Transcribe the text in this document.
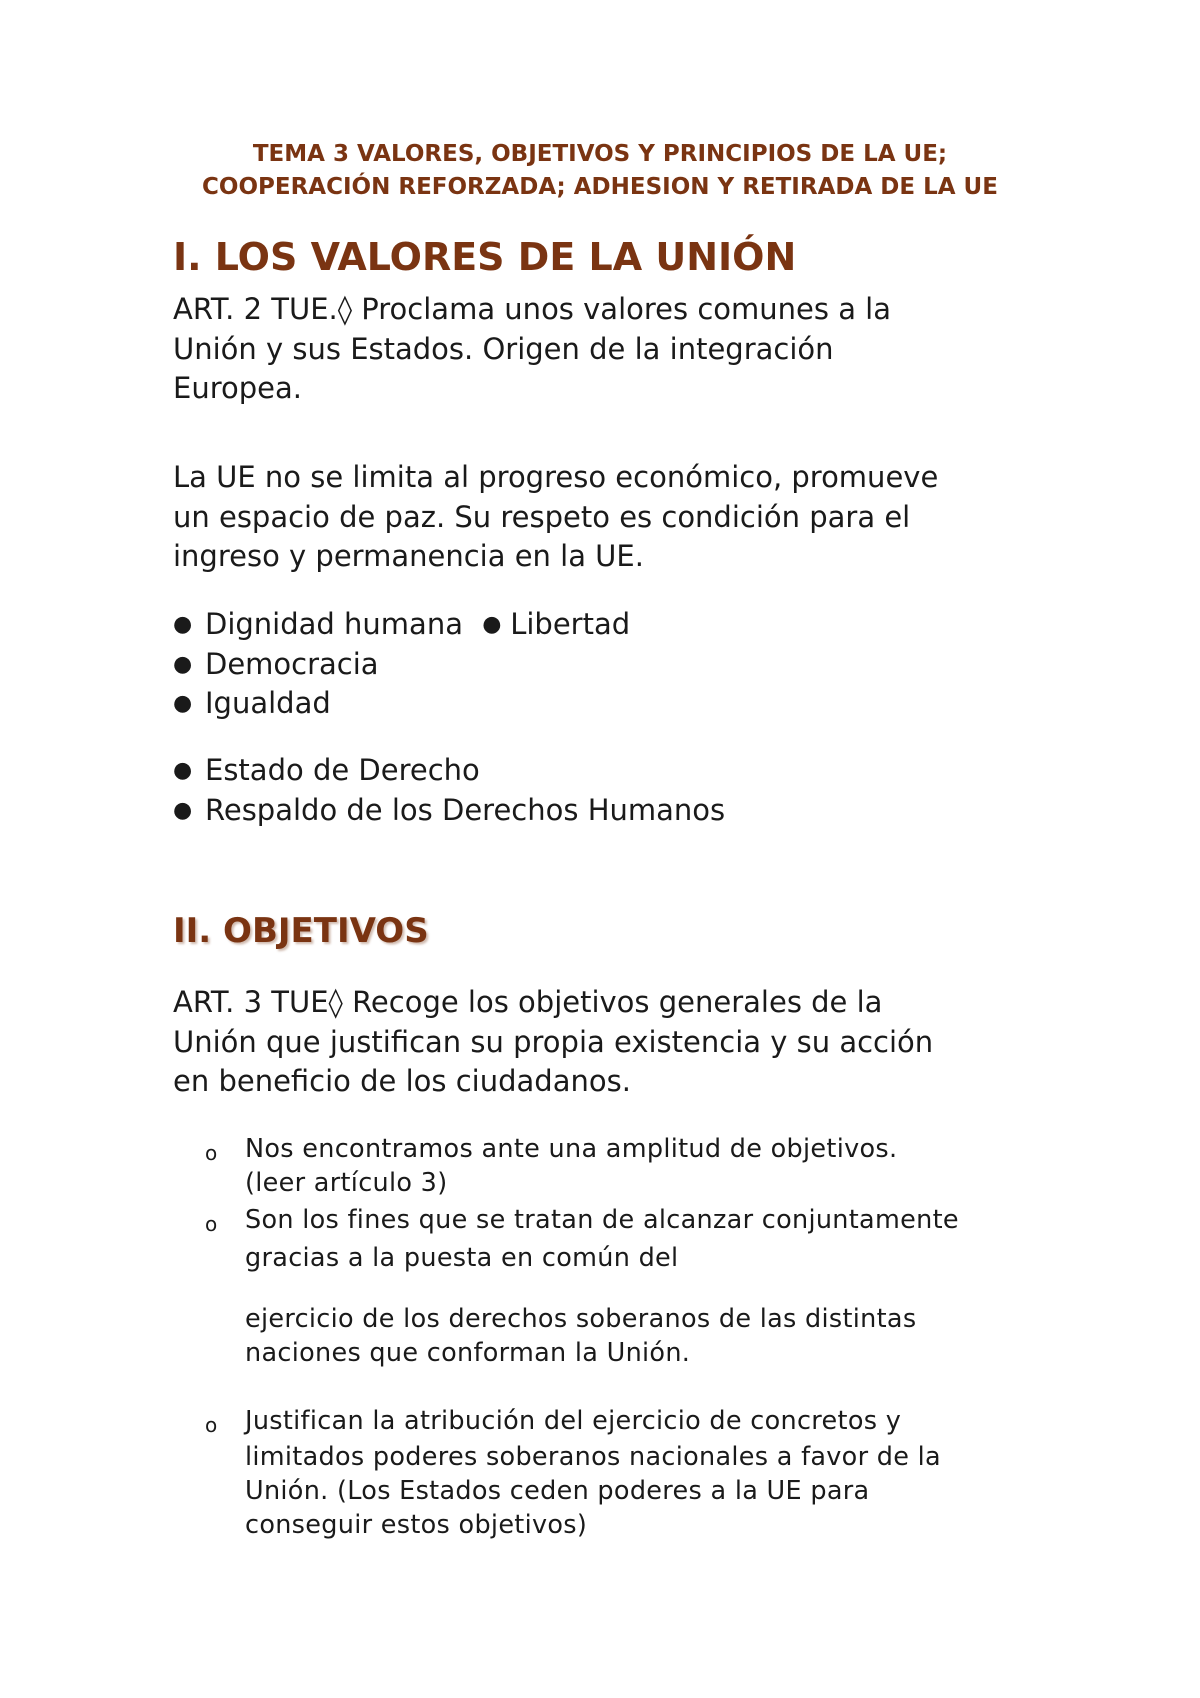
TEMA 3 VALORES, OBJETIVOS Y PRINCIPIOS DE LA UE;
COOPERACIÓN REFORZADA; ADHESION Y RETIRADA DE LA UE
I. LOS VALORES DE LA UNIÓN
ART. 2 TUE.◊ Proclama unos valores comunes a la
Unión y sus Estados. Origen de la integración
Europea.
La UE no se limita al progreso económico, promueve
un espacio de paz. Su respeto es condición para el
ingreso y permanencia en la UE.
● Dignidad humana ● Libertad
● Democracia
● Igualdad
● Estado de Derecho
● Respaldo de los Derechos Humanos
II. OBJETIVOS
ART. 3 TUE◊ Recoge los objetivos generales de la
Unión que justifican su propia existencia y su acción
en beneficio de los ciudadanos.
o Nos encontramos ante una amplitud de objetivos.
(leer artículo 3)
o Son los fines que se tratan de alcanzar conjuntamente
gracias a la puesta en común del
ejercicio de los derechos soberanos de las distintas
naciones que conforman la Unión.
o Justifican la atribución del ejercicio de concretos y
limitados poderes soberanos nacionales a favor de la
Unión. (Los Estados ceden poderes a la UE para
conseguir estos objetivos)
